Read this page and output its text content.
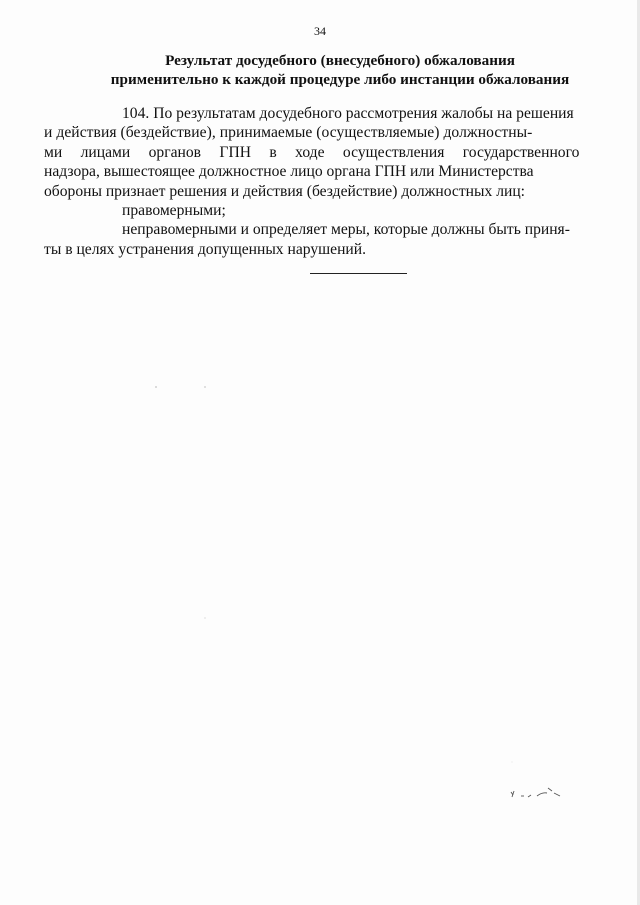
34
Результат досудебного (внесудебного) обжалования
применительно к каждой процедуре либо инстанции обжалования

104. По результатам досудебного рассмотрения жалобы на решения

и действия (бездействие), принимаемые (осуществляемые) должностны-

ми лицами органов ГПН в ходе осуществления государственного

надзора, вышестоящее должностное лицо органа ГПН или Министерства

обороны признает решения и действия (бездействие) должностных лиц:

правомерными;

неправомерными и определяет меры, которые должны быть приня-

ты в целях устранения допущенных нарушений.
